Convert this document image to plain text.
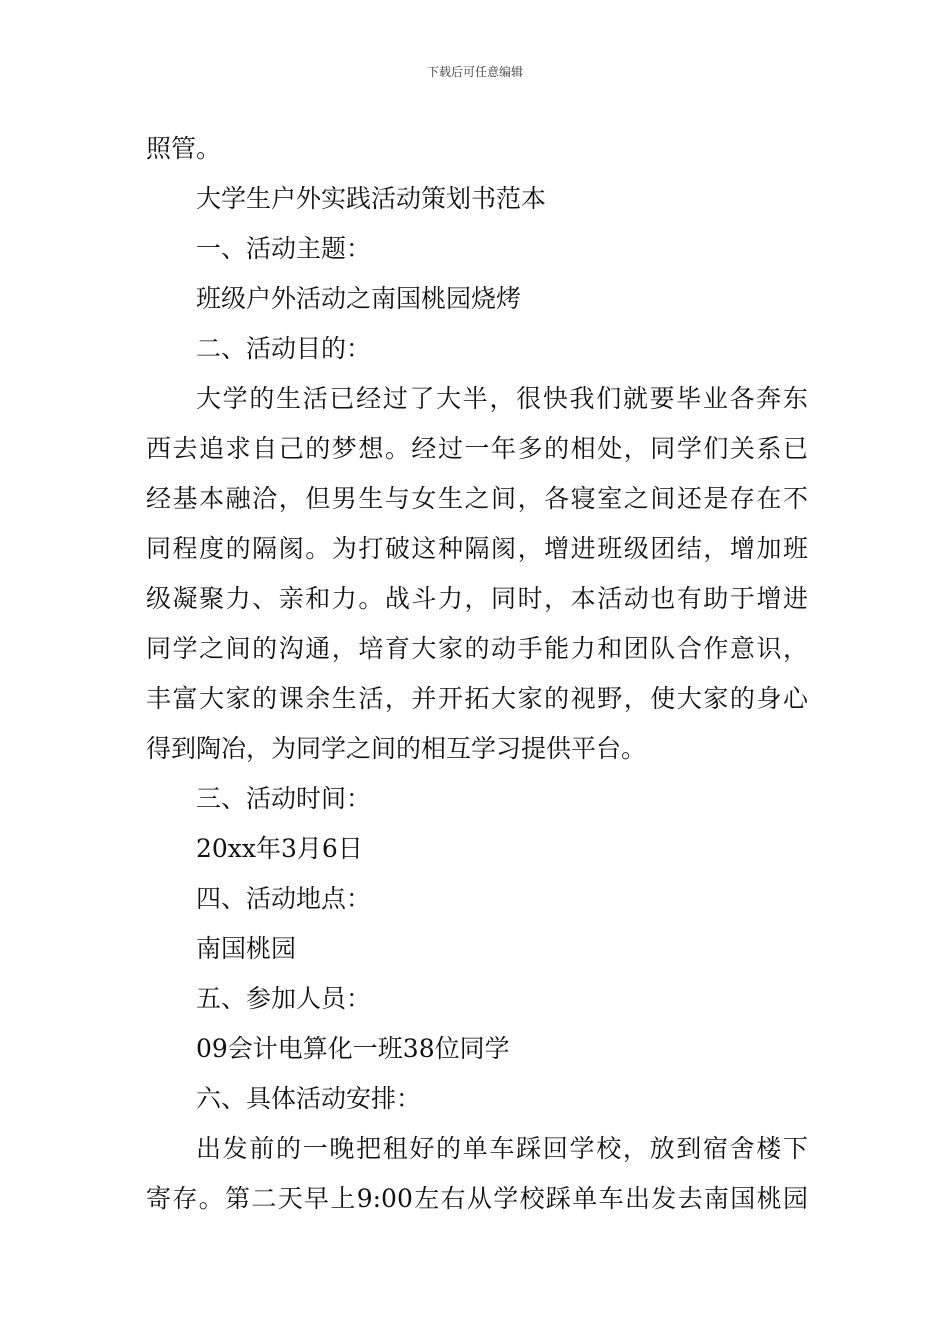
下载后可任意编辑
照管。
大学生户外实践活动策划书范本
一、活动主题：
班级户外活动之南国桃园烧烤
二、活动目的：
大学的生活已经过了大半，很快我们就要毕业各奔东
西去追求自己的梦想。经过一年多的相处，同学们关系已
经基本融洽，但男生与女生之间，各寝室之间还是存在不
同程度的隔阂。为打破这种隔阂，增进班级团结，增加班
级凝聚力、亲和力。战斗力，同时，本活动也有助于增进
同学之间的沟通，培育大家的动手能力和团队合作意识，
丰富大家的课余生活，并开拓大家的视野，使大家的身心
得到陶冶，为同学之间的相互学习提供平台。
三、活动时间：
20xx年3月6日
四、活动地点：
南国桃园
五、参加人员：
09会计电算化一班38位同学
六、具体活动安排：
出发前的一晚把租好的单车踩回学校，放到宿舍楼下
寄存。第二天早上9:00左右从学校踩单车出发去南国桃园
